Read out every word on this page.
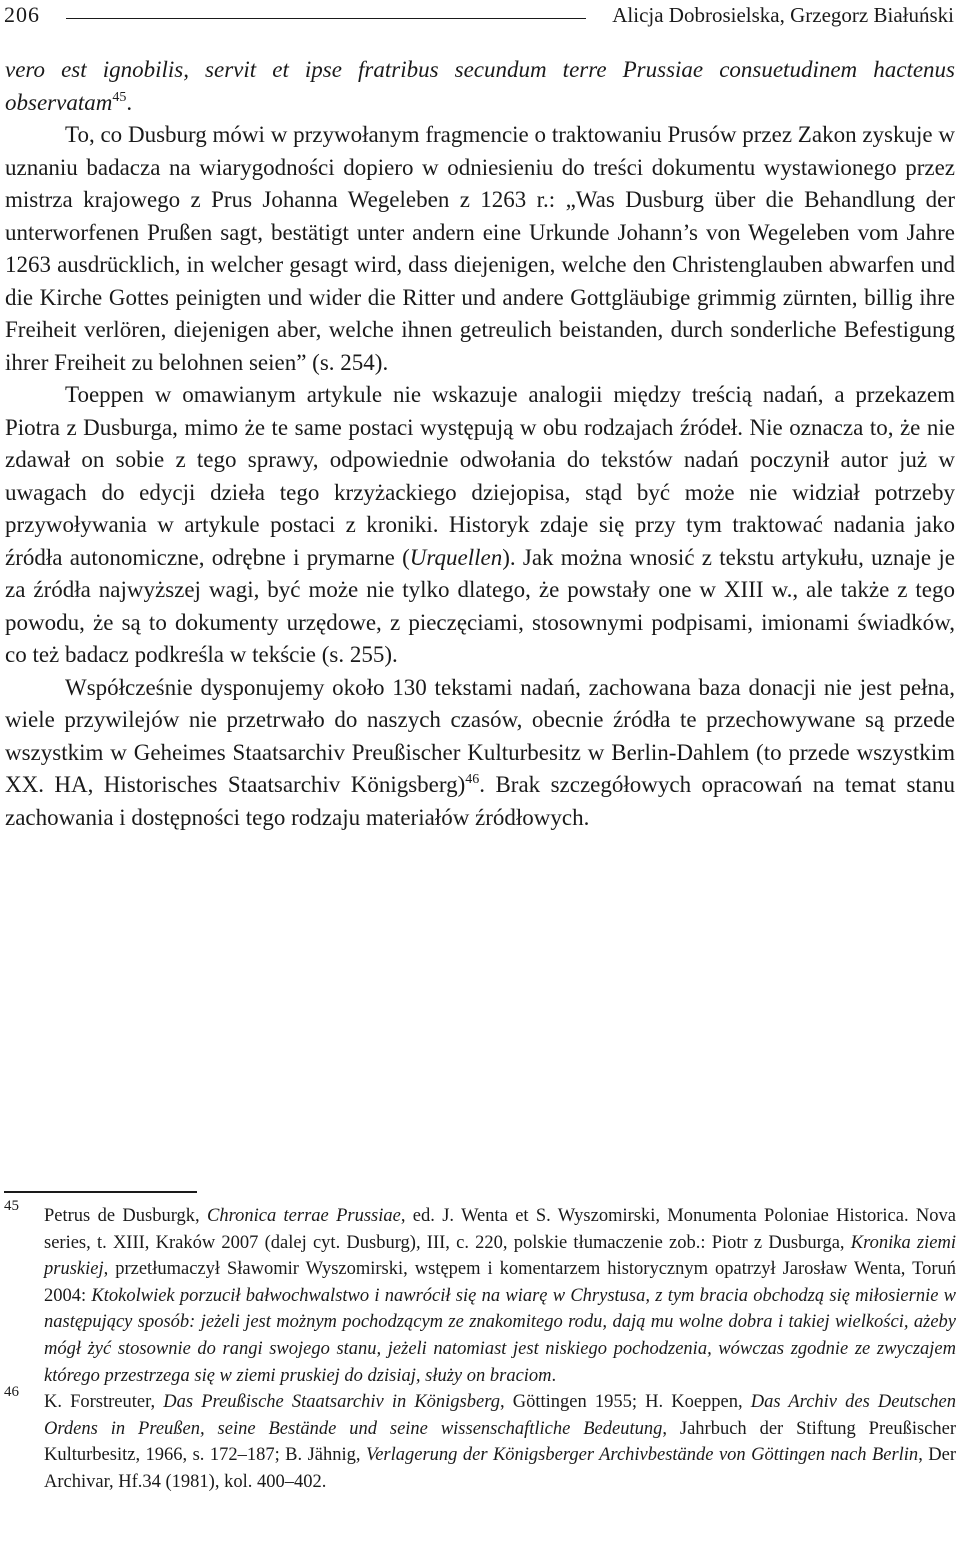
206	Alicja Dobrosielska, Grzegorz Białuński

vero est ignobilis, servit et ipse fratribus secundum terre Prussiae consuetudinem hactenus observatam$^{45}$.

To, co Dusburg mówi w przywołanym fragmencie o traktowaniu Prusów przez Zakon zyskuje w uznaniu badacza na wiarygodności dopiero w odniesieniu do treści dokumentu wystawionego przez mistrza krajowego z Prus Johanna Wegeleben z 1263 r.: „Was Dusburg über die Behandlung der unterworfenen Prußen sagt, bestätigt unter andern eine Urkunde Johann’s von Wegeleben vom Jahre 1263 ausdrücklich, in welcher gesagt wird, dass diejenigen, welche den Christenglauben abwarfen und die Kirche Gottes peinigten und wider die Ritter und andere Gottgläubige grimmig zürnten, billig ihre Freiheit verlören, diejenigen aber, welche ihnen getreulich beistanden, durch sonderliche Befestigung ihrer Freiheit zu belohnen seien” (s. 254).

Toeppen w omawianym artykule nie wskazuje analogii między treścią nadań, a przekazem Piotra z Dusburga, mimo że te same postaci występują w obu rodzajach źródeł. Nie oznacza to, że nie zdawał on sobie z tego sprawy, odpowiednie odwołania do tekstów nadań poczynił autor już w uwagach do edycji dzieła tego krzyżackiego dziejopisa, stąd być może nie widział potrzeby przywoływania w artykule postaci z kroniki. Historyk zdaje się przy tym traktować nadania jako źródła autonomiczne, odrębne i prymarne (Urquellen). Jak można wnosić z tekstu artykułu, uznaje je za źródła najwyższej wagi, być może nie tylko dlatego, że powstały one w XIII w., ale także z tego powodu, że są to dokumenty urzędowe, z pieczęciami, stosownymi podpisami, imionami świadków, co też badacz podkreśla w tekście (s. 255).

Współcześnie dysponujemy około 130 tekstami nadań, zachowana baza donacji nie jest pełna, wiele przywilejów nie przetrwało do naszych czasów, obecnie źródła te przechowywane są przede wszystkim w Geheimes Staatsarchiv Preußischer Kulturbesitz w Berlin-Dahlem (to przede wszystkim XX. HA, Historisches Staatsarchiv Königsberg)$^{46}$. Brak szczegółowych opracowań na temat stanu zachowania i dostępności tego rodzaju materiałów źródłowych.

45 Petrus de Dusburgk, Chronica terrae Prussiae, ed. J. Wenta et S. Wyszomirski, Monumenta Poloniae Historica. Nova series, t. XIII, Kraków 2007 (dalej cyt. Dusburg), III, c. 220, polskie tłumaczenie zob.: Piotr z Dusburga, Kronika ziemi pruskiej, przetłumaczył Sławomir Wyszomirski, wstępem i komentarzem historycznym opatrzył Jarosław Wenta, Toruń 2004: Ktokolwiek porzucił bałwochwalstwo i nawrócił się na wiarę w Chrystusa, z tym bracia obchodzą się miłosiernie w następujący sposób: jeżeli jest możnym pochodzącym ze znakomitego rodu, dają mu wolne dobra i takiej wielkości, ażeby mógł żyć stosownie do rangi swojego stanu, jeżeli natomiast jest niskiego pochodzenia, wówczas zgodnie ze zwyczajem którego przestrzega się w ziemi pruskiej do dzisiaj, służy on braciom.

46 K. Forstreuter, Das Preußische Staatsarchiv in Königsberg, Göttingen 1955; H. Koeppen, Das Archiv des Deutschen Ordens in Preußen, seine Bestände und seine wissenschaftliche Bedeutung, Jahrbuch der Stiftung Preußischer Kulturbesitz, 1966, s. 172–187; B. Jähnig, Verlagerung der Königsberger Archivbestände von Göttingen nach Berlin, Der Archivar, Hf.34 (1981), kol. 400–402.
